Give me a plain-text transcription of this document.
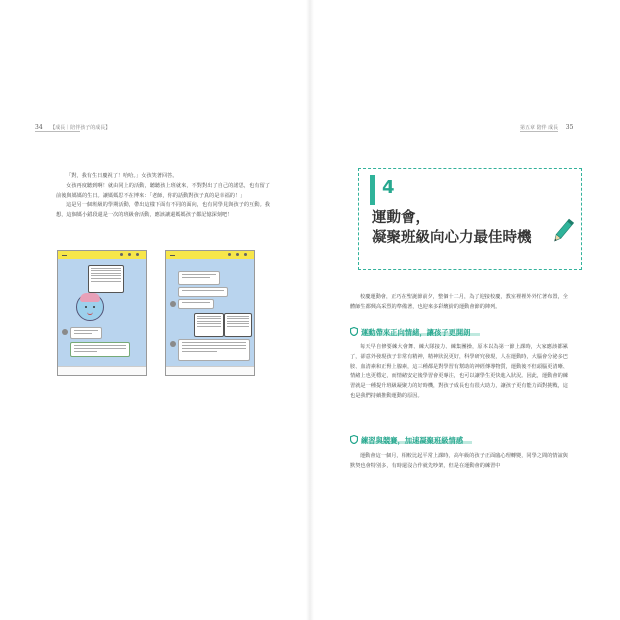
34 【成長｜陪伴孩子的成長】

「對，我有生日慶祝了！哈哈。」女孩笑著回答。

女孩再度聽到啊！就由同上的活動，聽聽孩上班就來，不對對出了自己的諾思，也有留了前後與媽媽的生日。讓媽媽思不在博來：「老師，你的話動對孩子真的是幸福的！」

這是另一個班級的學期活動，帶出這樣下面有不同的面向，也有同學見與孩子的互動。我想，這個媽小錯段還是一次的班級會活動，應該讓還媽媽孩子都記憶深刻吧！

第五章 陪伴 成長 35
4
運動會，
凝聚班級向心力最佳時機

校慶運動會，正巧在聖誕節前夕，整個十二月，為了迎接校慶，教室裡裡外外忙著布置，全體師生都興高采烈的準備著，也迎來多彩繽紛的運動會節的陣列。

運動帶來正向情緒，讓孩子更開朗

每天早自修要練大會舞、練大隊接力、練集團操，原本以為第一節上課時，大家應該都累了，卻意外發現孩子非常有精神，精神狀況更好，科學研究發現，人在運動時，大腦會分泌多巴胺、血清素和正腎上腺素，這三種都是對學習有幫助的神經傳導物質，運動後不但頭腦更清晰、情緒上也更穩定，而情緒安定後學習會更專注，也可以讓學生更快進入狀況。因此，運動會的練習就是一種提升班級凝聚力的好時機，對孩子成長也有很大助力，讓孩子更有能力面對挑戰，這也是我們持續推動運動的原因。

練習與競賽，加速凝聚班級情感

運動會這一個月，相較比起平常上課時，高年級的孩子正面臨心理轉變，同學之間的情誼與默契也會特別多，有時還沒合作就先吵架，但是在運動會的練習中
